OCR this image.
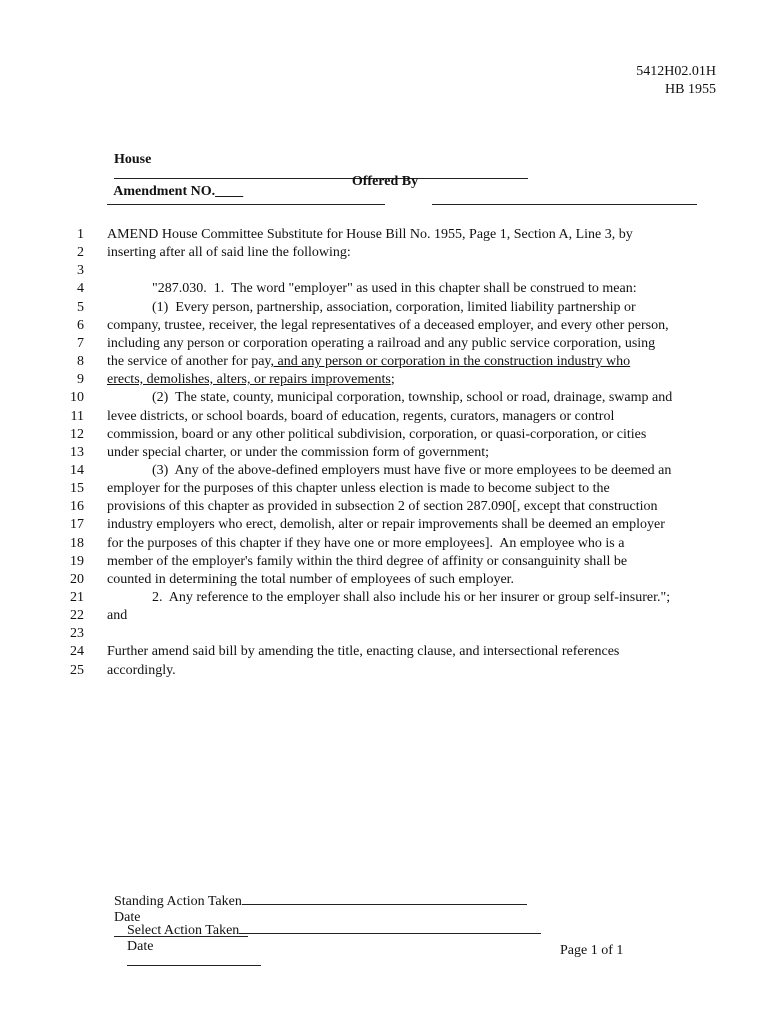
5412H02.01H
HB 1955

House

Amendment NO.____

Offered By
1 AMEND House Committee Substitute for House Bill No. 1955, Page 1, Section A, Line 3, by
2 inserting after all of said line the following:
3
4	"287.030.  1.  The word "employer" as used in this chapter shall be construed to mean:
5	(1)  Every person, partnership, association, corporation, limited liability partnership or
6 company, trustee, receiver, the legal representatives of a deceased employer, and every other person,
7 including any person or corporation operating a railroad and any public service corporation, using
8 the service of another for pay, and any person or corporation in the construction industry who
9 erects, demolishes, alters, or repairs improvements;
10	(2)  The state, county, municipal corporation, township, school or road, drainage, swamp and
11 levee districts, or school boards, board of education, regents, curators, managers or control
12 commission, board or any other political subdivision, corporation, or quasi-corporation, or cities
13 under special charter, or under the commission form of government;
14	(3)  Any of the above-defined employers must have five or more employees to be deemed an
15 employer for the purposes of this chapter unless election is made to become subject to the
16 provisions of this chapter as provided in subsection 2 of section 287.090[, except that construction
17 industry employers who erect, demolish, alter or repair improvements shall be deemed an employer
18 for the purposes of this chapter if they have one or more employees].  An employee who is a
19 member of the employer's family within the third degree of affinity or consanguinity shall be
20 counted in determining the total number of employees of such employer.
21	2.  Any reference to the employer shall also include his or her insurer or group self-insurer.";
22 and
23
24 Further amend said bill by amending the title, enacting clause, and intersectional references
25 accordingly.

Standing Action Taken
Date

Select Action Taken
Date
	Page 1 of 1
